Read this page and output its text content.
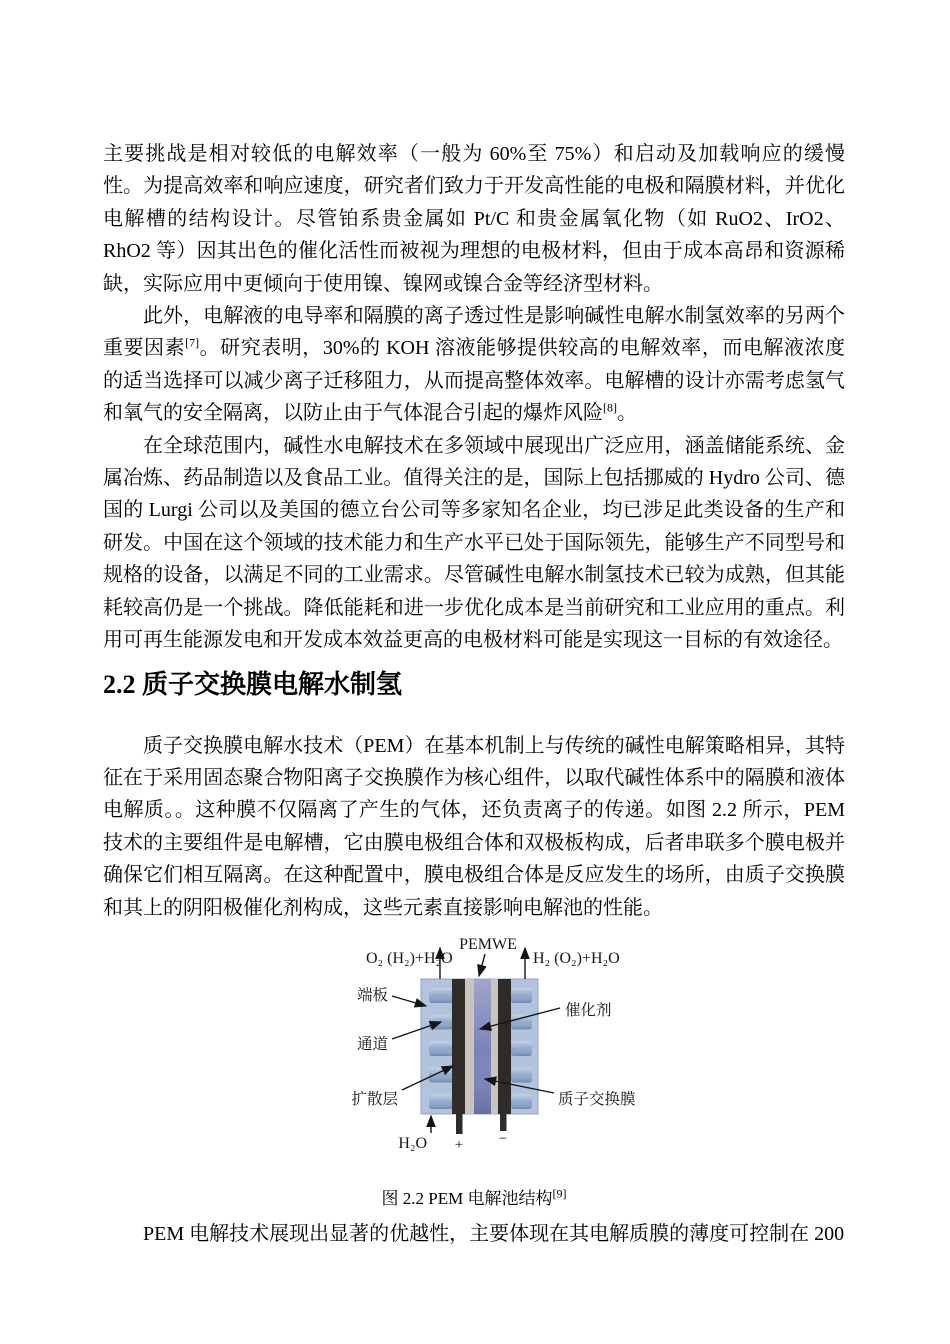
主要挑战是相对较低的电解效率（一般为 60%至 75%）和启动及加载响应的缓慢性。为提高效率和响应速度，研究者们致力于开发高性能的电极和隔膜材料，并优化电解槽的结构设计。尽管铂系贵金属如 Pt/C 和贵金属氧化物（如 RuO2、IrO2、RhO2 等）因其出色的催化活性而被视为理想的电极材料，但由于成本高昂和资源稀缺，实际应用中更倾向于使用镍、镍网或镍合金等经济型材料。

此外，电解液的电导率和隔膜的离子透过性是影响碱性电解水制氢效率的另两个重要因素[7]。研究表明，30%的 KOH 溶液能够提供较高的电解效率，而电解液浓度的适当选择可以减少离子迁移阻力，从而提高整体效率。电解槽的设计亦需考虑氢气和氧气的安全隔离，以防止由于气体混合引起的爆炸风险[8]。

在全球范围内，碱性水电解技术在多领域中展现出广泛应用，涵盖储能系统、金属冶炼、药品制造以及食品工业。值得关注的是，国际上包括挪威的 Hydro 公司、德国的 Lurgi 公司以及美国的德立台公司等多家知名企业，均已涉足此类设备的生产和研发。中国在这个领域的技术能力和生产水平已处于国际领先，能够生产不同型号和规格的设备，以满足不同的工业需求。尽管碱性电解水制氢技术已较为成熟，但其能耗较高仍是一个挑战。降低能耗和进一步优化成本是当前研究和工业应用的重点。利用可再生能源发电和开发成本效益更高的电极材料可能是实现这一目标的有效途径。

2.2 质子交换膜电解水制氢

质子交换膜电解水技术（PEM）在基本机制上与传统的碱性电解策略相异，其特征在于采用固态聚合物阳离子交换膜作为核心组件，以取代碱性体系中的隔膜和液体电解质。。这种膜不仅隔离了产生的气体，还负责离子的传递。如图 2.2 所示，PEM 技术的主要组件是电解槽，它由膜电极组合体和双极板构成，后者串联多个膜电极并确保它们相互隔离。在这种配置中，膜电极组合体是反应发生的场所，由质子交换膜和其上的阴阳极催化剂构成，这些元素直接影响电解池的性能。

PEMWE
O₂ (H₂)+H₂O	H₂ (O₂)+H₂O
端板
通道
扩散层
催化剂
质子交换膜
H₂O + −

图 2.2 PEM 电解池结构[9]

PEM 电解技术展现出显著的优越性，主要体现在其电解质膜的薄度可控制在 200
